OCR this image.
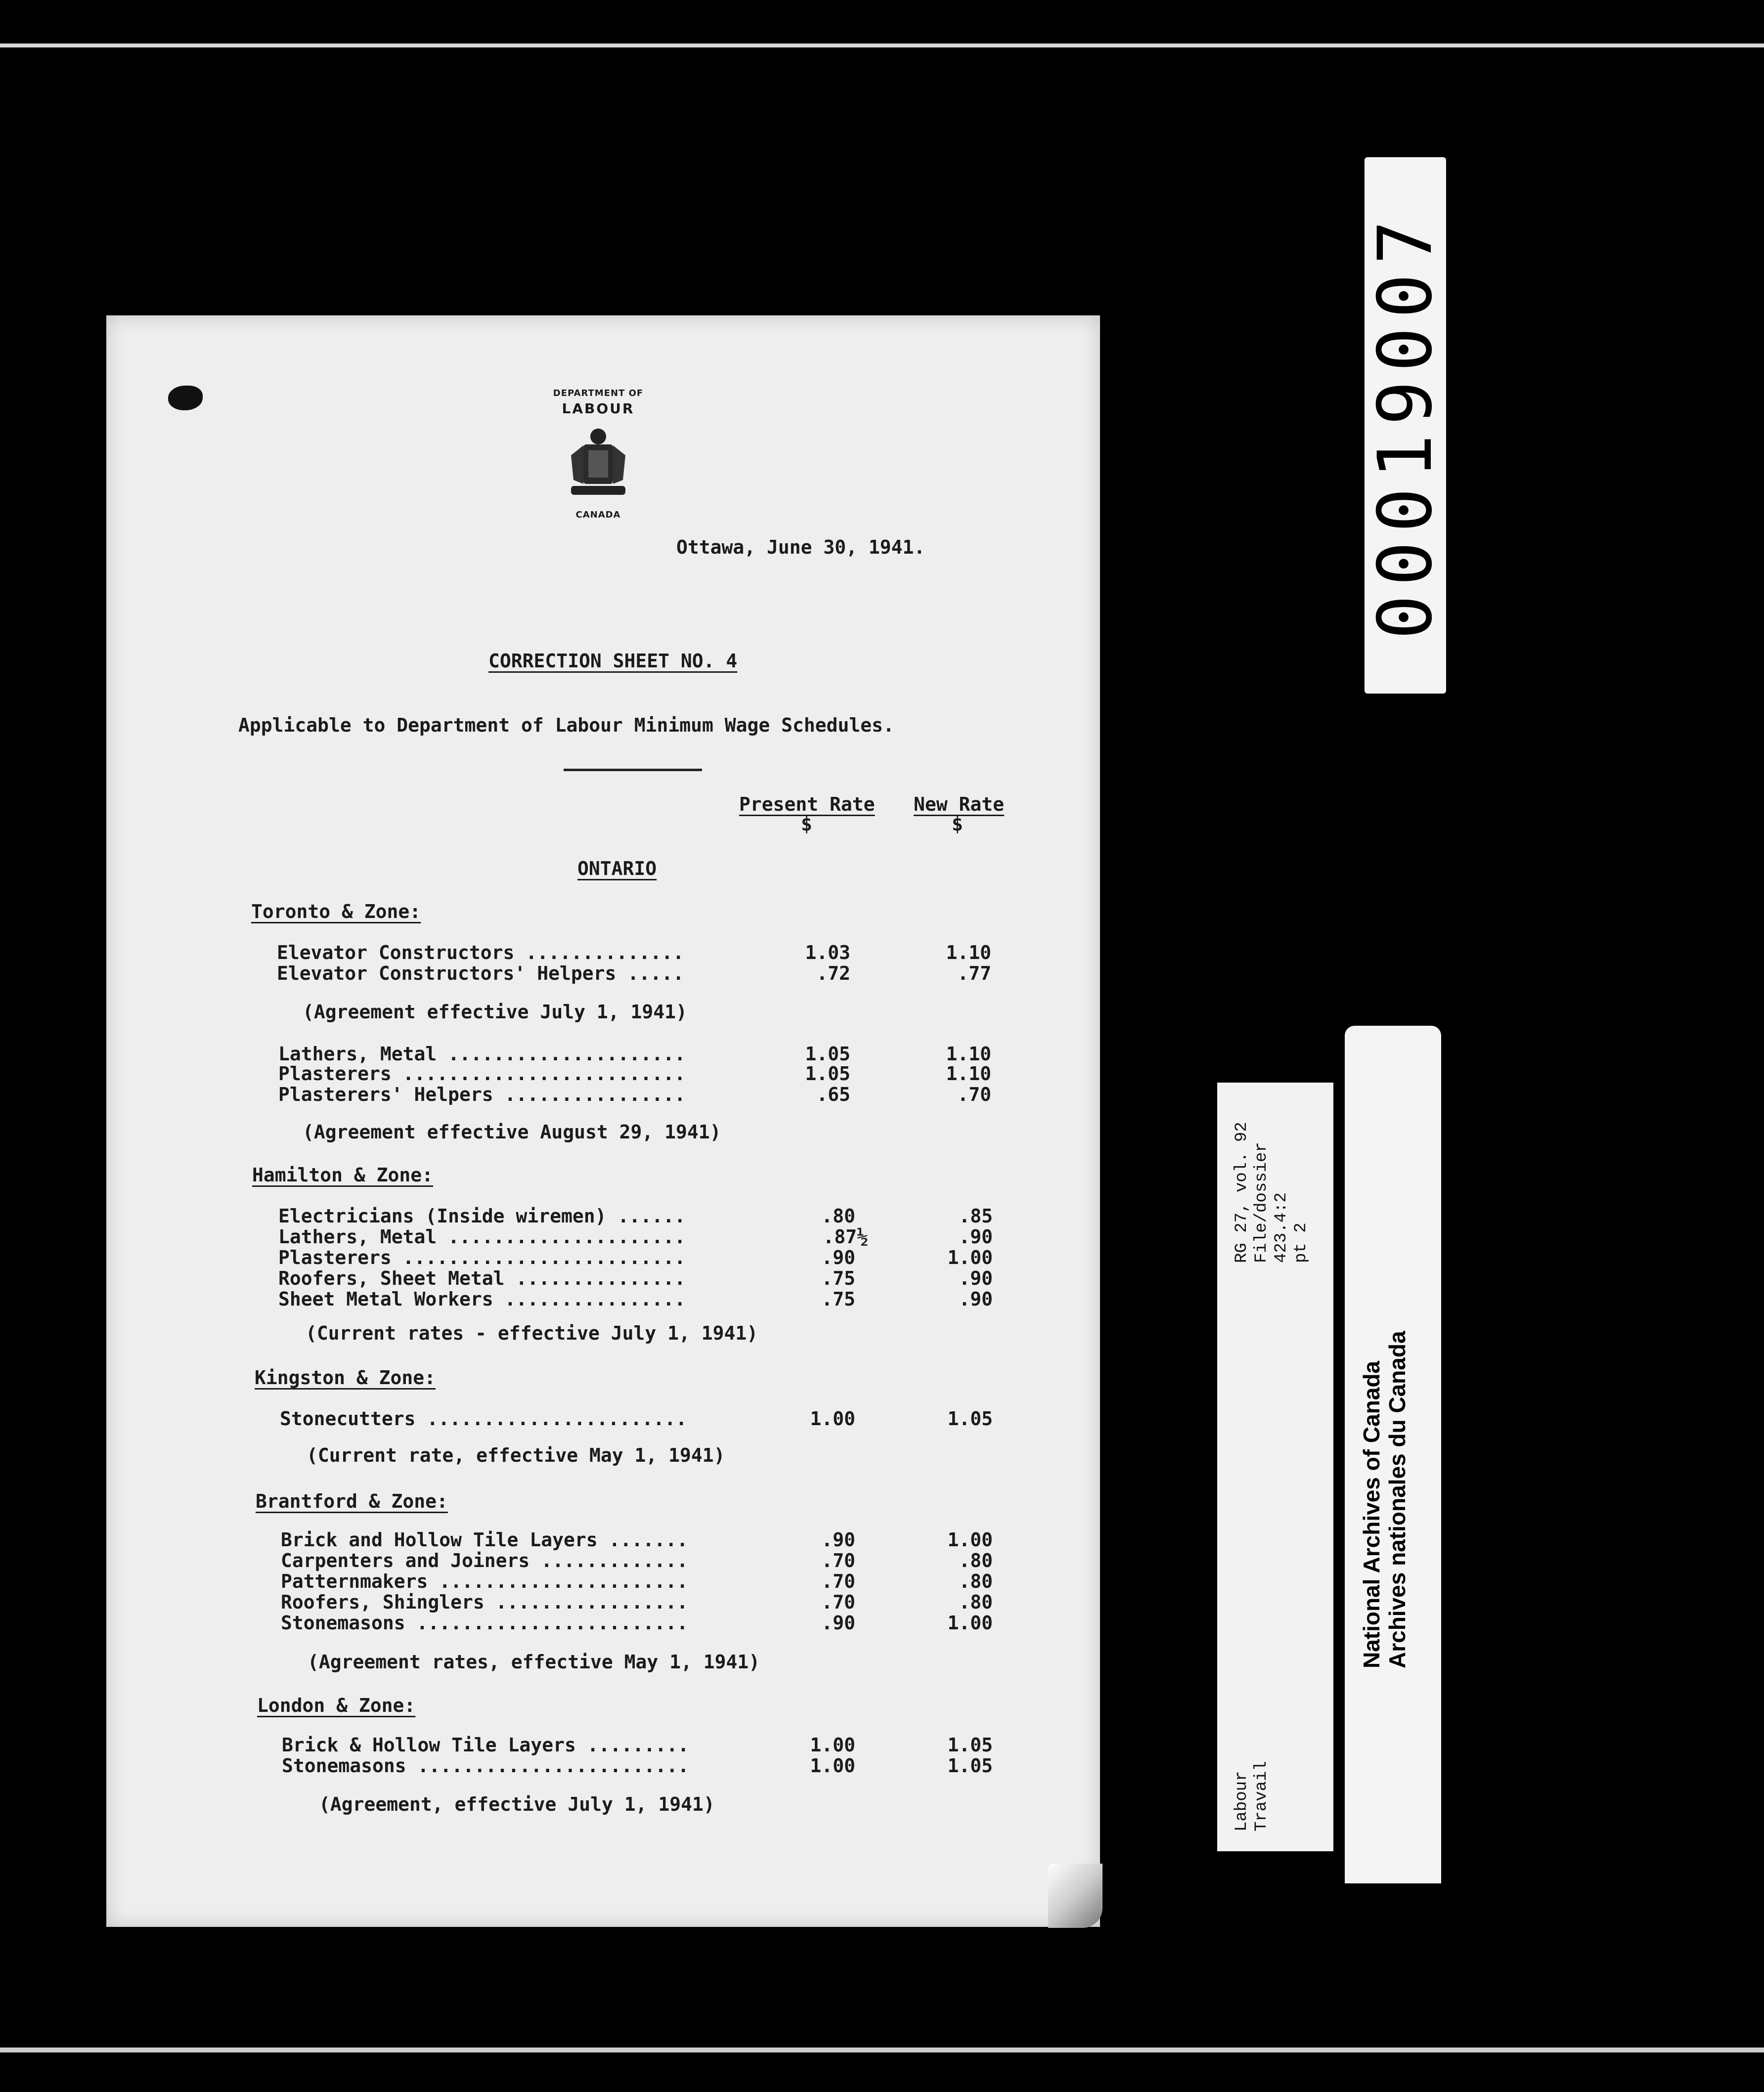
DEPARTMENT OF
LABOUR
CANADA
Ottawa, June 30, 1941.
CORRECTION SHEET NO. 4
Applicable to Department of Labour Minimum Wage Schedules.
Present Rate
$
New Rate
$
ONTARIO
Toronto & Zone:
Elevator Constructors ..............	1.03	1.10
Elevator Constructors' Helpers .....	.72	.77
(Agreement effective July 1, 1941)
Lathers, Metal .....................	1.05	1.10
Plasterers .........................	1.05	1.10
Plasterers' Helpers ................	.65	.70
(Agreement effective August 29, 1941)
Hamilton & Zone:
Electricians (Inside wiremen) ......	.80	.85
Lathers, Metal .....................	.87½	.90
Plasterers .........................	.90	1.00
Roofers, Sheet Metal ...............	.75	.90
Sheet Metal Workers ................	.75	.90
(Current rates - effective July 1, 1941)
Kingston & Zone:
Stonecutters .......................	1.00	1.05
(Current rate, effective May 1, 1941)
Brantford & Zone:
Brick and Hollow Tile Layers .......	.90	1.00
Carpenters and Joiners .............	.70	.80
Patternmakers ......................	.70	.80
Roofers, Shinglers .................	.70	.80
Stonemasons ........................	.90	1.00
(Agreement rates, effective May 1, 1941)
London & Zone:
Brick & Hollow Tile Layers .........	1.00	1.05
Stonemasons ........................	1.00	1.05
(Agreement, effective July 1, 1941)
00019007
RG 27, vol. 92 File/dossier 423.4:2 pt 2
Labour Travail
National Archives of Canada Archives nationales du Canada
